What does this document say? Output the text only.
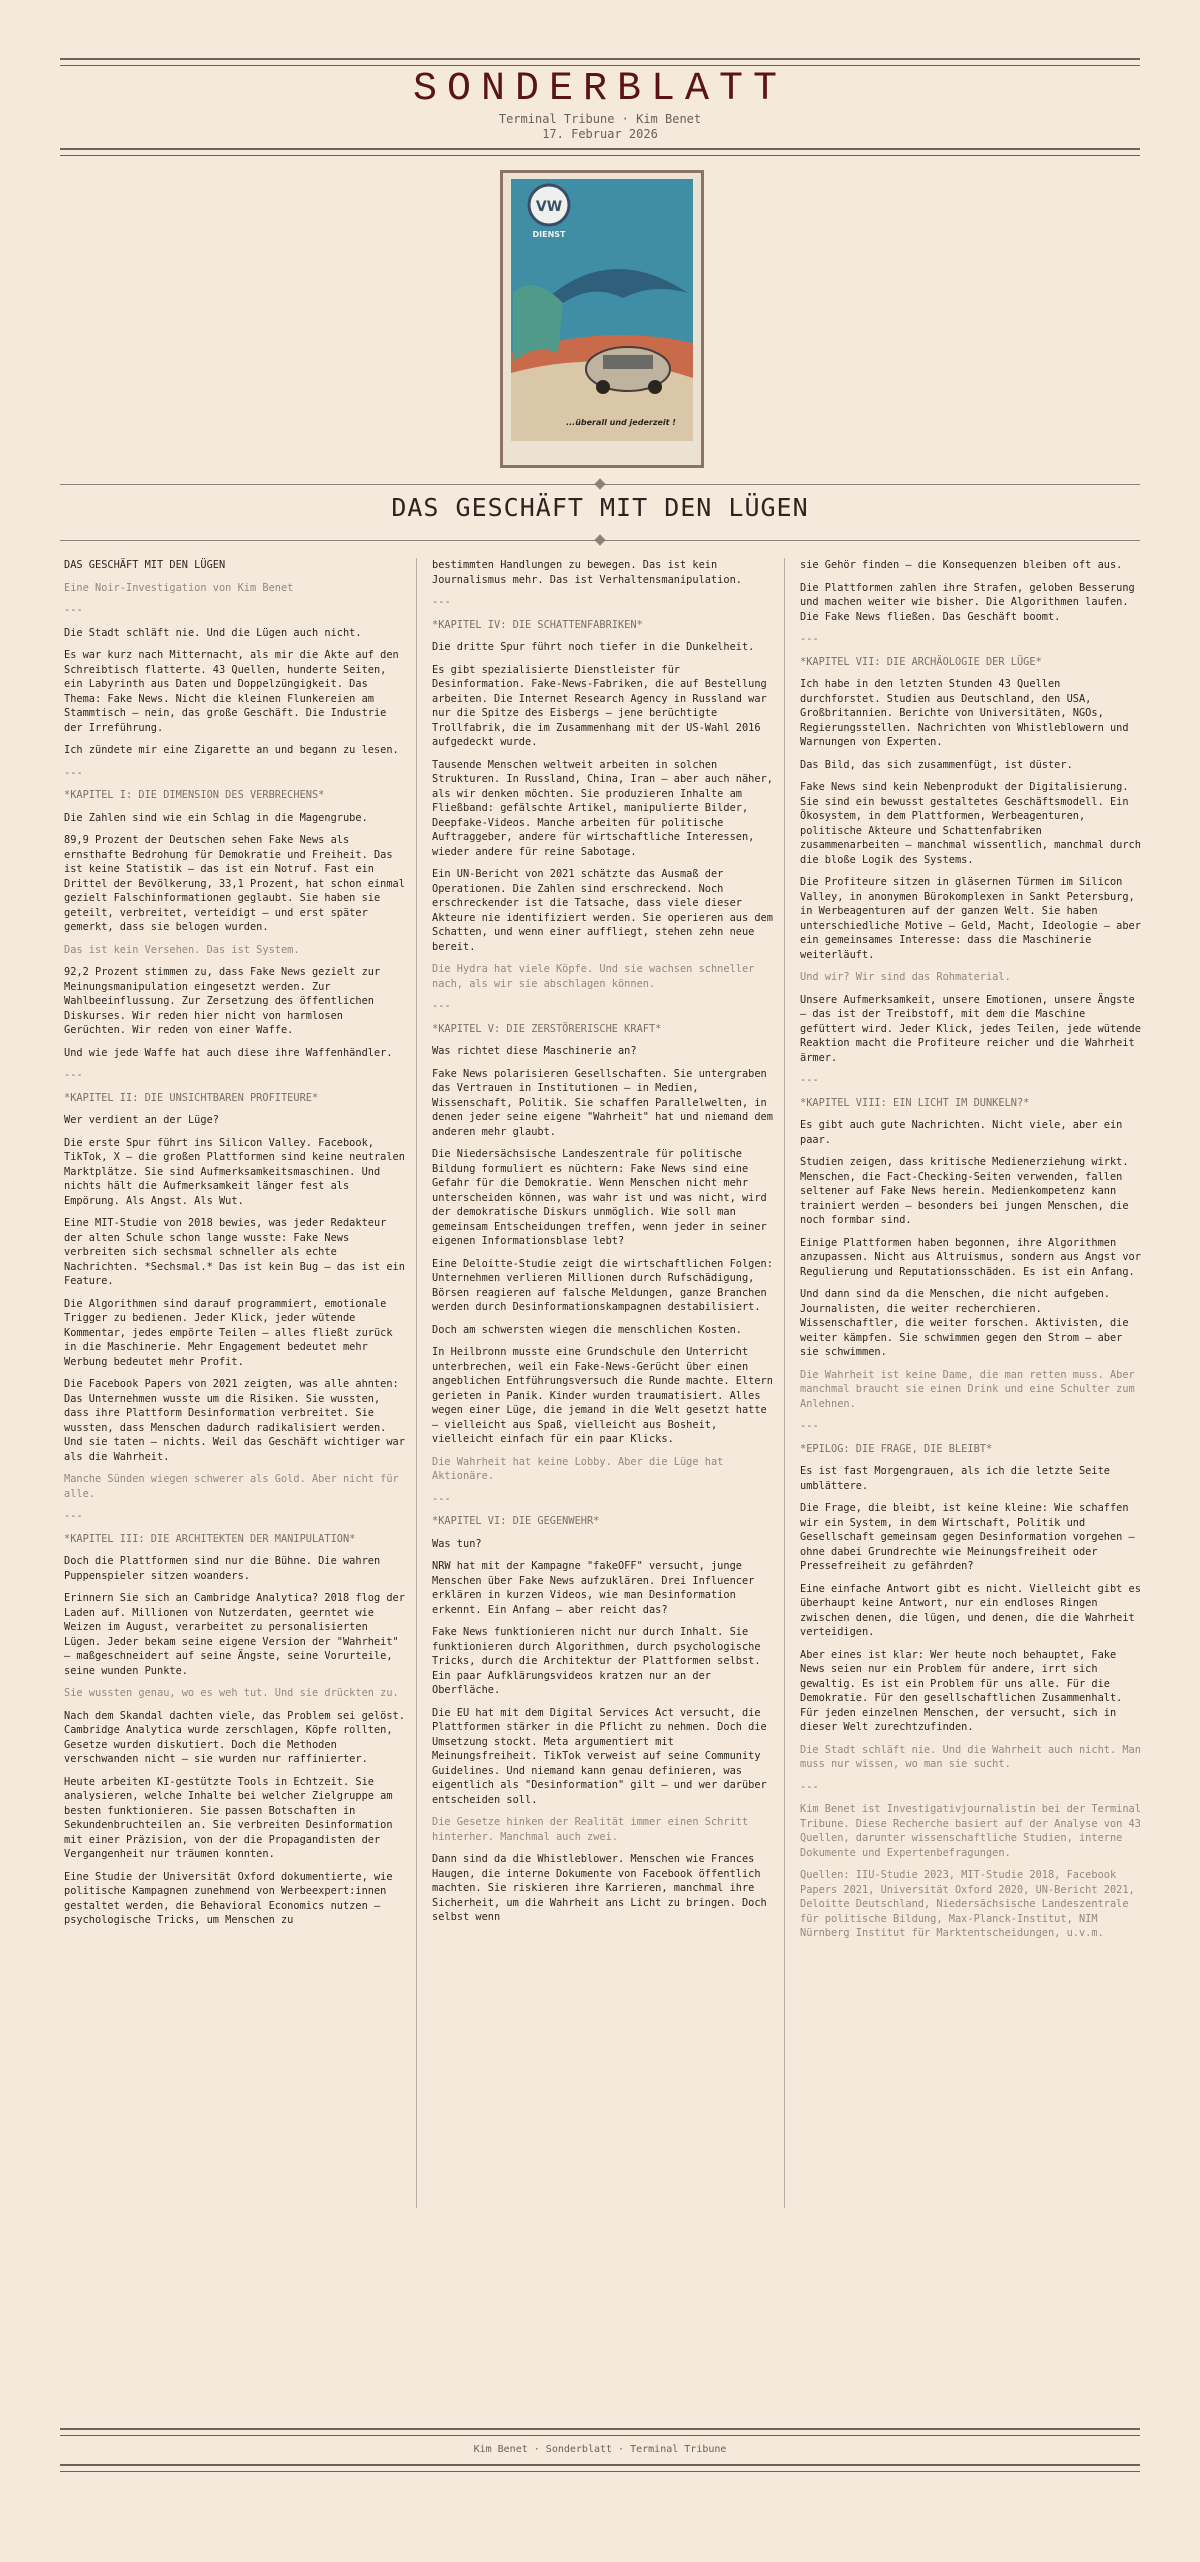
SONDERBLATT
Terminal Tribune · Kim Benet
17. Februar 2026
VW
DIENST
...überall und jederzeit !
DAS GESCHÄFT MIT DEN LÜGEN

DAS GESCHÄFT MIT DEN LÜGEN

Eine Noir-Investigation von Kim Benet

---

Die Stadt schläft nie. Und die Lügen auch nicht.

Es war kurz nach Mitternacht, als mir die Akte auf den Schreibtisch flatterte. 43 Quellen, hunderte Seiten, ein Labyrinth aus Daten und Doppelzüngigkeit. Das Thema: Fake News. Nicht die kleinen Flunkereien am Stammtisch – nein, das große Geschäft. Die Industrie der Irreführung.

Ich zündete mir eine Zigarette an und begann zu lesen.

---

*KAPITEL I: DIE DIMENSION DES VERBRECHENS*

Die Zahlen sind wie ein Schlag in die Magengrube.

89,9 Prozent der Deutschen sehen Fake News als ernsthafte Bedrohung für Demokratie und Freiheit. Das ist keine Statistik – das ist ein Notruf. Fast ein Drittel der Bevölkerung, 33,1 Prozent, hat schon einmal gezielt Falschinformationen geglaubt. Sie haben sie geteilt, verbreitet, verteidigt – und erst später gemerkt, dass sie belogen wurden.

Das ist kein Versehen. Das ist System.

92,2 Prozent stimmen zu, dass Fake News gezielt zur Meinungsmanipulation eingesetzt werden. Zur Wahlbeeinflussung. Zur Zersetzung des öffentlichen Diskurses. Wir reden hier nicht von harmlosen Gerüchten. Wir reden von einer Waffe.

Und wie jede Waffe hat auch diese ihre Waffenhändler.

---

*KAPITEL II: DIE UNSICHTBAREN PROFITEURE*

Wer verdient an der Lüge?

Die erste Spur führt ins Silicon Valley. Facebook, TikTok, X – die großen Plattformen sind keine neutralen Marktplätze. Sie sind Aufmerksamkeitsmaschinen. Und nichts hält die Aufmerksamkeit länger fest als Empörung. Als Angst. Als Wut.

Eine MIT-Studie von 2018 bewies, was jeder Redakteur der alten Schule schon lange wusste: Fake News verbreiten sich sechsmal schneller als echte Nachrichten. *Sechsmal.* Das ist kein Bug – das ist ein Feature.

Die Algorithmen sind darauf programmiert, emotionale Trigger zu bedienen. Jeder Klick, jeder wütende Kommentar, jedes empörte Teilen – alles fließt zurück in die Maschinerie. Mehr Engagement bedeutet mehr Werbung bedeutet mehr Profit.

Die Facebook Papers von 2021 zeigten, was alle ahnten: Das Unternehmen wusste um die Risiken. Sie wussten, dass ihre Plattform Desinformation verbreitet. Sie wussten, dass Menschen dadurch radikalisiert werden. Und sie taten – nichts. Weil das Geschäft wichtiger war als die Wahrheit.

Manche Sünden wiegen schwerer als Gold. Aber nicht für alle.

---

*KAPITEL III: DIE ARCHITEKTEN DER MANIPULATION*

Doch die Plattformen sind nur die Bühne. Die wahren Puppenspieler sitzen woanders.

Erinnern Sie sich an Cambridge Analytica? 2018 flog der Laden auf. Millionen von Nutzerdaten, geerntet wie Weizen im August, verarbeitet zu personalisierten Lügen. Jeder bekam seine eigene Version der "Wahrheit" – maßgeschneidert auf seine Ängste, seine Vorurteile, seine wunden Punkte.

Sie wussten genau, wo es weh tut. Und sie drückten zu.

Nach dem Skandal dachten viele, das Problem sei gelöst. Cambridge Analytica wurde zerschlagen, Köpfe rollten, Gesetze wurden diskutiert. Doch die Methoden verschwanden nicht – sie wurden nur raffinierter.

Heute arbeiten KI-gestützte Tools in Echtzeit. Sie analysieren, welche Inhalte bei welcher Zielgruppe am besten funktionieren. Sie passen Botschaften in Sekundenbruchteilen an. Sie verbreiten Desinformation mit einer Präzision, von der die Propagandisten der Vergangenheit nur träumen konnten.

Eine Studie der Universität Oxford dokumentierte, wie politische Kampagnen zunehmend von Werbeexpert:innen gestaltet werden, die Behavioral Economics nutzen – psychologische Tricks, um Menschen zu

bestimmten Handlungen zu bewegen. Das ist kein Journalismus mehr. Das ist Verhaltensmanipulation.

---

*KAPITEL IV: DIE SCHATTENFABRIKEN*

Die dritte Spur führt noch tiefer in die Dunkelheit.

Es gibt spezialisierte Dienstleister für Desinformation. Fake-News-Fabriken, die auf Bestellung arbeiten. Die Internet Research Agency in Russland war nur die Spitze des Eisbergs – jene berüchtigte Trollfabrik, die im Zusammenhang mit der US-Wahl 2016 aufgedeckt wurde.

Tausende Menschen weltweit arbeiten in solchen Strukturen. In Russland, China, Iran – aber auch näher, als wir denken möchten. Sie produzieren Inhalte am Fließband: gefälschte Artikel, manipulierte Bilder, Deepfake-Videos. Manche arbeiten für politische Auftraggeber, andere für wirtschaftliche Interessen, wieder andere für reine Sabotage.

Ein UN-Bericht von 2021 schätzte das Ausmaß der Operationen. Die Zahlen sind erschreckend. Noch erschreckender ist die Tatsache, dass viele dieser Akteure nie identifiziert werden. Sie operieren aus dem Schatten, und wenn einer auffliegt, stehen zehn neue bereit.

Die Hydra hat viele Köpfe. Und sie wachsen schneller nach, als wir sie abschlagen können.

---

*KAPITEL V: DIE ZERSTÖRERISCHE KRAFT*

Was richtet diese Maschinerie an?

Fake News polarisieren Gesellschaften. Sie untergraben das Vertrauen in Institutionen – in Medien, Wissenschaft, Politik. Sie schaffen Parallelwelten, in denen jeder seine eigene "Wahrheit" hat und niemand dem anderen mehr glaubt.

Die Niedersächsische Landeszentrale für politische Bildung formuliert es nüchtern: Fake News sind eine Gefahr für die Demokratie. Wenn Menschen nicht mehr unterscheiden können, was wahr ist und was nicht, wird der demokratische Diskurs unmöglich. Wie soll man gemeinsam Entscheidungen treffen, wenn jeder in seiner eigenen Informationsblase lebt?

Eine Deloitte-Studie zeigt die wirtschaftlichen Folgen: Unternehmen verlieren Millionen durch Rufschädigung, Börsen reagieren auf falsche Meldungen, ganze Branchen werden durch Desinformationskampagnen destabilisiert.

Doch am schwersten wiegen die menschlichen Kosten.

In Heilbronn musste eine Grundschule den Unterricht unterbrechen, weil ein Fake-News-Gerücht über einen angeblichen Entführungsversuch die Runde machte. Eltern gerieten in Panik. Kinder wurden traumatisiert. Alles wegen einer Lüge, die jemand in die Welt gesetzt hatte – vielleicht aus Spaß, vielleicht aus Bosheit, vielleicht einfach für ein paar Klicks.

Die Wahrheit hat keine Lobby. Aber die Lüge hat Aktionäre.

---

*KAPITEL VI: DIE GEGENWEHR*

Was tun?

NRW hat mit der Kampagne "fakeOFF" versucht, junge Menschen über Fake News aufzuklären. Drei Influencer erklären in kurzen Videos, wie man Desinformation erkennt. Ein Anfang – aber reicht das?

Fake News funktionieren nicht nur durch Inhalt. Sie funktionieren durch Algorithmen, durch psychologische Tricks, durch die Architektur der Plattformen selbst. Ein paar Aufklärungsvideos kratzen nur an der Oberfläche.

Die EU hat mit dem Digital Services Act versucht, die Plattformen stärker in die Pflicht zu nehmen. Doch die Umsetzung stockt. Meta argumentiert mit Meinungsfreiheit. TikTok verweist auf seine Community Guidelines. Und niemand kann genau definieren, was eigentlich als "Desinformation" gilt – und wer darüber entscheiden soll.

Die Gesetze hinken der Realität immer einen Schritt hinterher. Manchmal auch zwei.

Dann sind da die Whistleblower. Menschen wie Frances Haugen, die interne Dokumente von Facebook öffentlich machten. Sie riskieren ihre Karrieren, manchmal ihre Sicherheit, um die Wahrheit ans Licht zu bringen. Doch selbst wenn

sie Gehör finden – die Konsequenzen bleiben oft aus.

Die Plattformen zahlen ihre Strafen, geloben Besserung und machen weiter wie bisher. Die Algorithmen laufen. Die Fake News fließen. Das Geschäft boomt.

---

*KAPITEL VII: DIE ARCHÄOLOGIE DER LÜGE*

Ich habe in den letzten Stunden 43 Quellen durchforstet. Studien aus Deutschland, den USA, Großbritannien. Berichte von Universitäten, NGOs, Regierungsstellen. Nachrichten von Whistleblowern und Warnungen von Experten.

Das Bild, das sich zusammenfügt, ist düster.

Fake News sind kein Nebenprodukt der Digitalisierung. Sie sind ein bewusst gestaltetes Geschäftsmodell. Ein Ökosystem, in dem Plattformen, Werbeagenturen, politische Akteure und Schattenfabriken zusammenarbeiten – manchmal wissentlich, manchmal durch die bloße Logik des Systems.

Die Profiteure sitzen in gläsernen Türmen im Silicon Valley, in anonymen Bürokomplexen in Sankt Petersburg, in Werbeagenturen auf der ganzen Welt. Sie haben unterschiedliche Motive – Geld, Macht, Ideologie – aber ein gemeinsames Interesse: dass die Maschinerie weiterläuft.

Und wir? Wir sind das Rohmaterial.

Unsere Aufmerksamkeit, unsere Emotionen, unsere Ängste – das ist der Treibstoff, mit dem die Maschine gefüttert wird. Jeder Klick, jedes Teilen, jede wütende Reaktion macht die Profiteure reicher und die Wahrheit ärmer.

---

*KAPITEL VIII: EIN LICHT IM DUNKELN?*

Es gibt auch gute Nachrichten. Nicht viele, aber ein paar.

Studien zeigen, dass kritische Medienerziehung wirkt. Menschen, die Fact-Checking-Seiten verwenden, fallen seltener auf Fake News herein. Medienkompetenz kann trainiert werden – besonders bei jungen Menschen, die noch formbar sind.

Einige Plattformen haben begonnen, ihre Algorithmen anzupassen. Nicht aus Altruismus, sondern aus Angst vor Regulierung und Reputationsschäden. Es ist ein Anfang.

Und dann sind da die Menschen, die nicht aufgeben. Journalisten, die weiter recherchieren. Wissenschaftler, die weiter forschen. Aktivisten, die weiter kämpfen. Sie schwimmen gegen den Strom – aber sie schwimmen.

Die Wahrheit ist keine Dame, die man retten muss. Aber manchmal braucht sie einen Drink und eine Schulter zum Anlehnen.

---

*EPILOG: DIE FRAGE, DIE BLEIBT*

Es ist fast Morgengrauen, als ich die letzte Seite umblättere.

Die Frage, die bleibt, ist keine kleine: Wie schaffen wir ein System, in dem Wirtschaft, Politik und Gesellschaft gemeinsam gegen Desinformation vorgehen – ohne dabei Grundrechte wie Meinungsfreiheit oder Pressefreiheit zu gefährden?

Eine einfache Antwort gibt es nicht. Vielleicht gibt es überhaupt keine Antwort, nur ein endloses Ringen zwischen denen, die lügen, und denen, die die Wahrheit verteidigen.

Aber eines ist klar: Wer heute noch behauptet, Fake News seien nur ein Problem für andere, irrt sich gewaltig. Es ist ein Problem für uns alle. Für die Demokratie. Für den gesellschaftlichen Zusammenhalt. Für jeden einzelnen Menschen, der versucht, sich in dieser Welt zurechtzufinden.

Die Stadt schläft nie. Und die Wahrheit auch nicht. Man muss nur wissen, wo man sie sucht.

---

Kim Benet ist Investigativjournalistin bei der Terminal Tribune. Diese Recherche basiert auf der Analyse von 43 Quellen, darunter wissenschaftliche Studien, interne Dokumente und Expertenbefragungen.

Quellen: IIU-Studie 2023, MIT-Studie 2018, Facebook Papers 2021, Universität Oxford 2020, UN-Bericht 2021, Deloitte Deutschland, Niedersächsische Landeszentrale für politische Bildung, Max-Planck-Institut, NIM Nürnberg Institut für Marktentscheidungen, u.v.m.

Kim Benet · Sonderblatt · Terminal Tribune
